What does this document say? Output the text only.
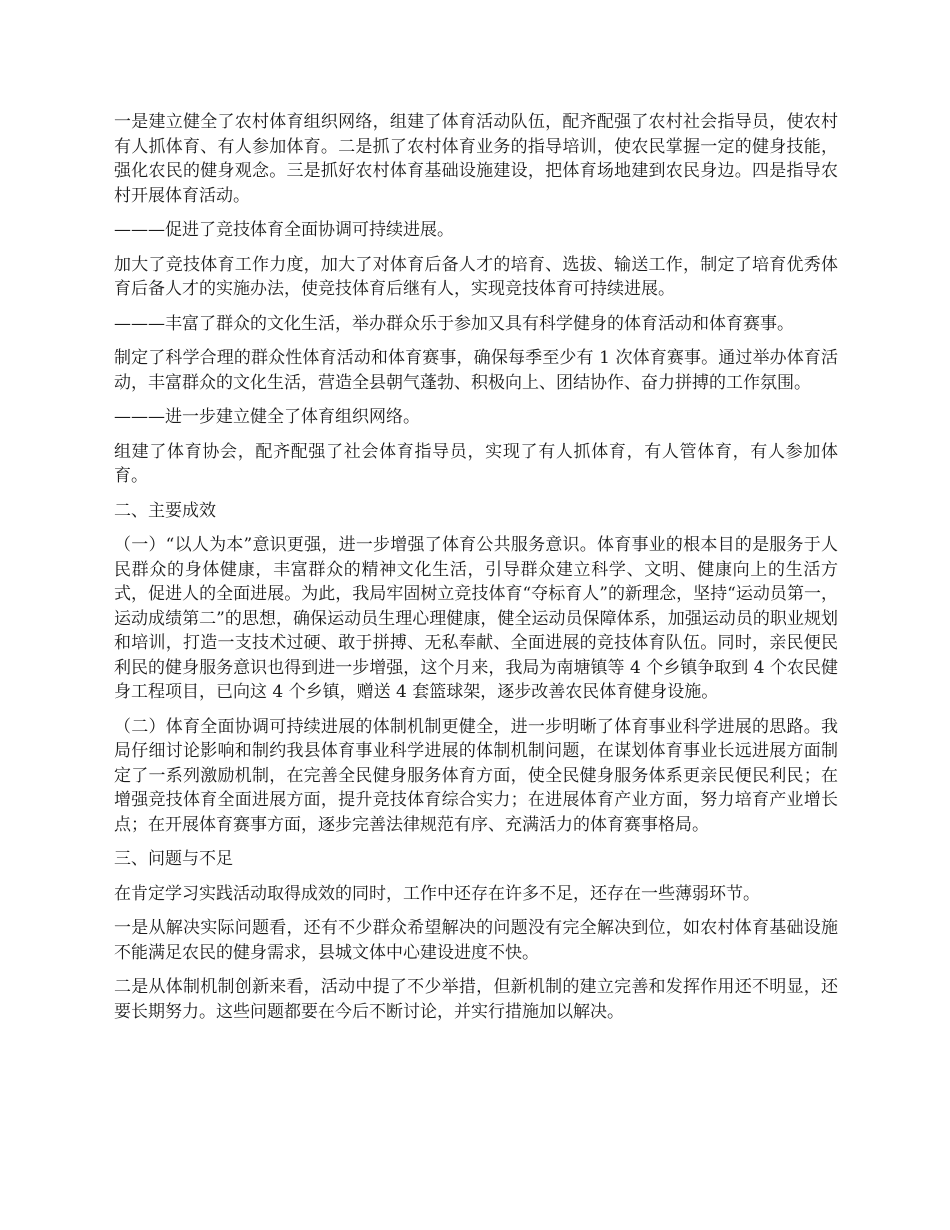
一是建立健全了农村体育组织网络，组建了体育活动队伍，配齐配强了农村社会指导员，使农村有人抓体育、有人参加体育。二是抓了农村体育业务的指导培训，使农民掌握一定的健身技能，强化农民的健身观念。三是抓好农村体育基础设施建设，把体育场地建到农民身边。四是指导农村开展体育活动。

———促进了竞技体育全面协调可持续进展。

加大了竞技体育工作力度，加大了对体育后备人才的培育、选拔、输送工作，制定了培育优秀体育后备人才的实施办法，使竞技体育后继有人，实现竞技体育可持续进展。

———丰富了群众的文化生活，举办群众乐于参加又具有科学健身的体育活动和体育赛事。

制定了科学合理的群众性体育活动和体育赛事，确保每季至少有 1 次体育赛事。通过举办体育活动，丰富群众的文化生活，营造全县朝气蓬勃、积极向上、团结协作、奋力拼搏的工作氛围。

———进一步建立健全了体育组织网络。

组建了体育协会，配齐配强了社会体育指导员，实现了有人抓体育，有人管体育，有人参加体育。

二、主要成效

（一）“以人为本”意识更强，进一步增强了体育公共服务意识。体育事业的根本目的是服务于人民群众的身体健康，丰富群众的精神文化生活，引导群众建立科学、文明、健康向上的生活方式，促进人的全面进展。为此，我局牢固树立竞技体育“夺标育人”的新理念，坚持“运动员第一，运动成绩第二”的思想，确保运动员生理心理健康，健全运动员保障体系，加强运动员的职业规划和培训，打造一支技术过硬、敢于拼搏、无私奉献、全面进展的竞技体育队伍。同时，亲民便民利民的健身服务意识也得到进一步增强，这个月来，我局为南塘镇等 4 个乡镇争取到 4 个农民健身工程项目，已向这 4 个乡镇，赠送 4 套篮球架，逐步改善农民体育健身设施。

（二）体育全面协调可持续进展的体制机制更健全，进一步明晰了体育事业科学进展的思路。我局仔细讨论影响和制约我县体育事业科学进展的体制机制问题，在谋划体育事业长远进展方面制定了一系列激励机制，在完善全民健身服务体育方面，使全民健身服务体系更亲民便民利民；在增强竞技体育全面进展方面，提升竞技体育综合实力；在进展体育产业方面，努力培育产业增长点；在开展体育赛事方面，逐步完善法律规范有序、充满活力的体育赛事格局。

三、问题与不足

在肯定学习实践活动取得成效的同时，工作中还存在许多不足，还存在一些薄弱环节。

一是从解决实际问题看，还有不少群众希望解决的问题没有完全解决到位，如农村体育基础设施不能满足农民的健身需求，县城文体中心建设进度不快。

二是从体制机制创新来看，活动中提了不少举措，但新机制的建立完善和发挥作用还不明显，还要长期努力。这些问题都要在今后不断讨论，并实行措施加以解决。
